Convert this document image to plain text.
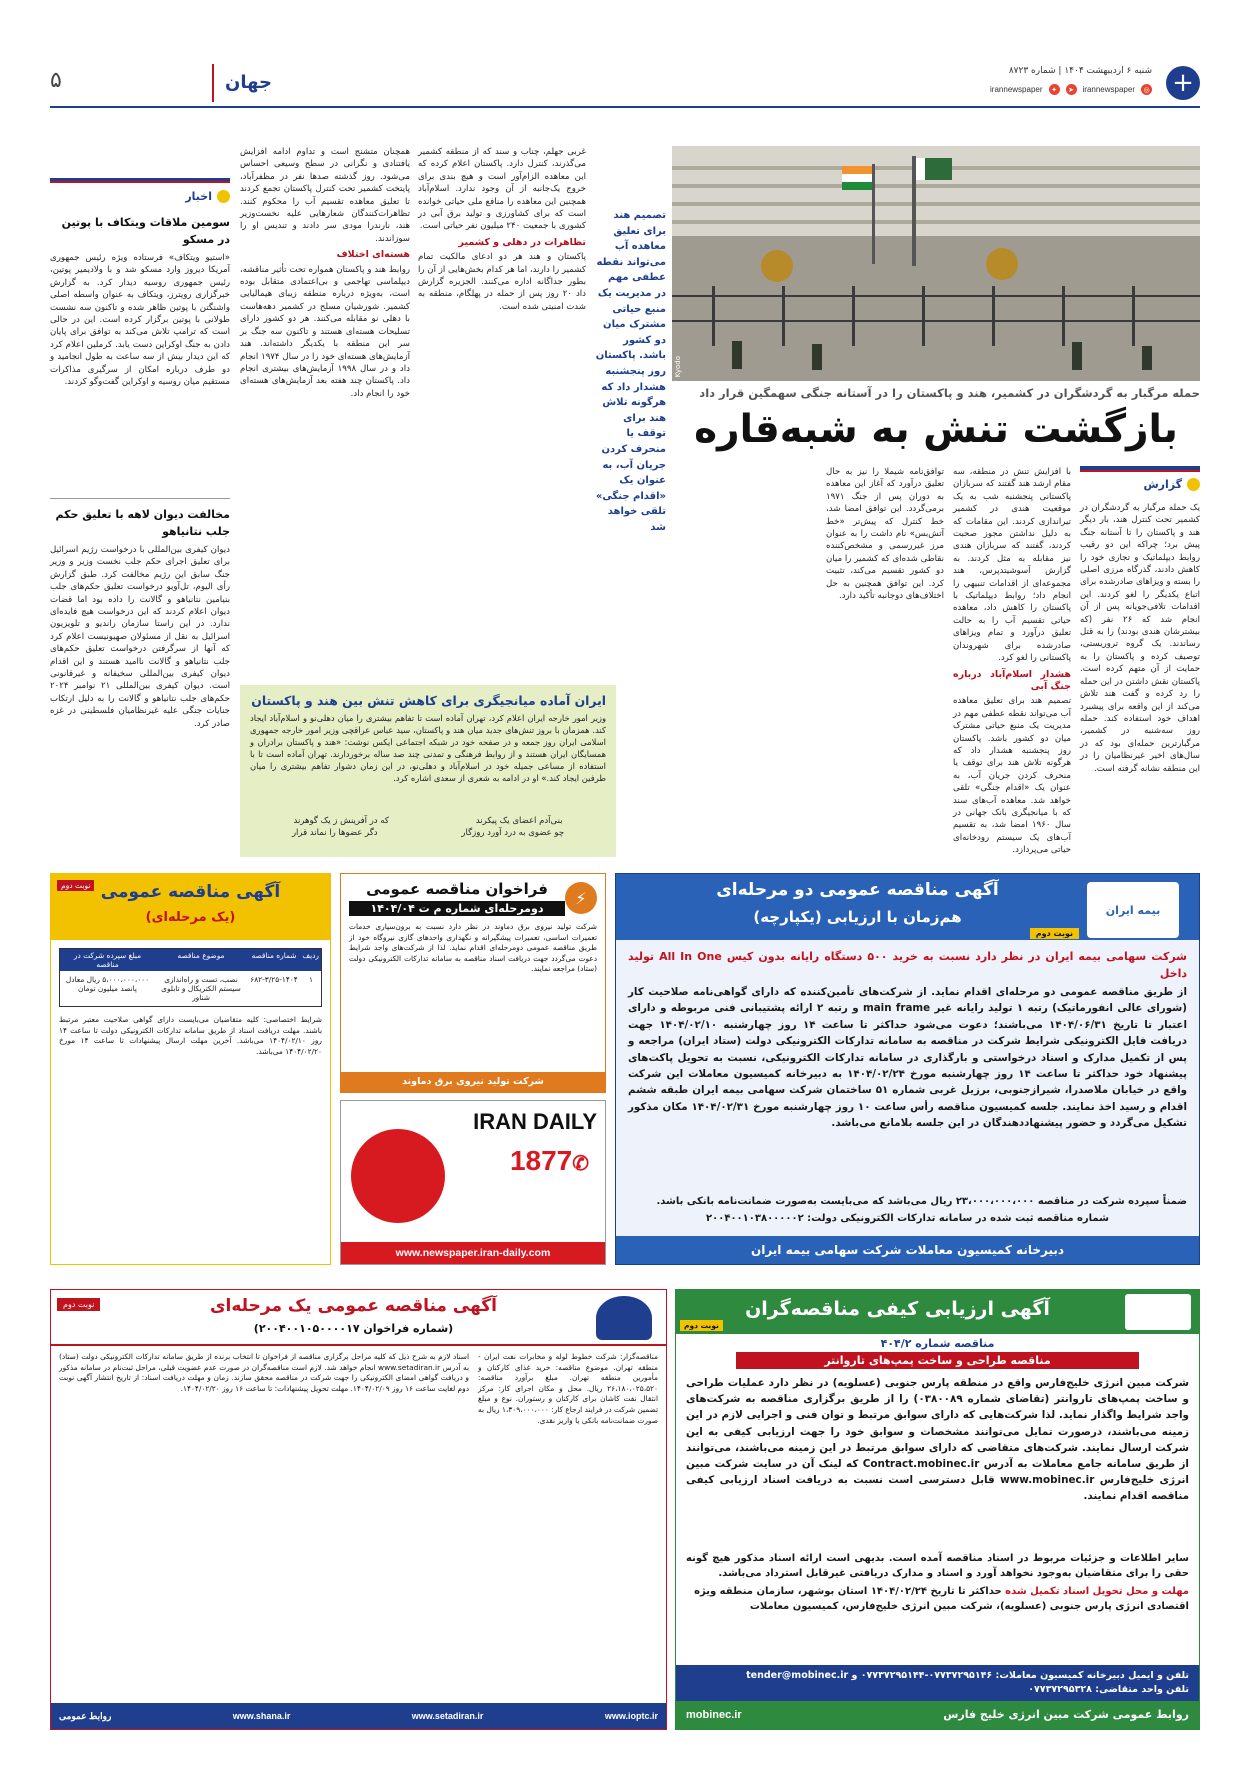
+
شنبه ۶ اردیبهشت ۱۴۰۴ | شماره ۸۷۲۳
◎
irannewspaper
➤
✦
irannewspaper
جهان
۵
Kyodo
تصمیم هند برای تعلیق معاهده آب می‌تواند نقطه عطفی مهم در مدیریت یک منبع حیاتی مشترک میان دو کشور باشد. پاکستان روز پنجشنبه هشدار داد که هرگونه تلاش هند برای توقف یا منحرف کردن جریان آب، به عنوان یک «اقدام جنگی» تلقی خواهد شد
حمله مرگبار به گردشگران در کشمیر، هند و پاکستان را در آستانه جنگی سهمگین قرار داد
بازگشت تنش به شبه‌قاره
گزارش
یک حمله مرگبار به گردشگران در کشمیر تحت کنترل هند، بار دیگر هند و پاکستان را تا آستانه جنگ پیش برد؛ چراکه این دو رقیب روابط دیپلماتیک و تجاری خود را کاهش دادند، گذرگاه مرزی اصلی را بسته و ویزاهای صادرشده برای اتباع یکدیگر را لغو کردند. این اقدامات تلافی‌جویانه پس از آن انجام شد که ۲۶ نفر (که بیشترشان هندی بودند) را به قتل رساندند. یک گروه تروریستی، توصیف کرده و پاکستان را به حمایت از آن متهم کرده است. پاکستان نقش داشتن در این حمله را رد کرده و گفت هند تلاش می‌کند از این واقعه برای پیشبرد اهداف خود استفاده کند. حمله روز سه‌شنبه در کشمیر، مرگبارترین حمله‌ای بود که در سال‌های اخیر غیرنظامیان را در این منطقه نشانه گرفته است.

با افزایش تنش در منطقه، سه مقام ارشد هند گفتند که سربازان پاکستانی پنجشنبه شب به یک موقعیت هندی در کشمیر تیراندازی کردند. این مقامات که به دلیل نداشتن مجوز صحبت کردند، گفتند که سربازان هندی نیز مقابله به مثل کردند. به گزارش آسوشیتدپرس، هند مجموعه‌ای از اقدامات تنبیهی را انجام داد؛ روابط دیپلماتیک با پاکستان را کاهش داد، معاهده حیاتی تقسیم آب را به حالت تعلیق درآورد و تمام ویزاهای صادرشده برای شهروندان پاکستانی را لغو کرد.

هشدار اسلام‌آباد درباره جنگ آبی

تصمیم هند برای تعلیق معاهده آب می‌تواند نقطه عطفی مهم در مدیریت یک منبع حیاتی مشترک میان دو کشور باشد. پاکستان روز پنجشنبه هشدار داد که هرگونه تلاش هند برای توقف یا منحرف کردن جریان آب، به عنوان یک «اقدام جنگی» تلقی خواهد شد. معاهده آب‌های سند که با میانجیگری بانک جهانی در سال ۱۹۶۰ امضا شد، به تقسیم آب‌های یک سیستم رودخانه‌ای حیاتی می‌پردازد.

توافق‌نامه شیملا را نیز به حال تعلیق درآورد که آغاز این معاهده به دوران پس از جنگ ۱۹۷۱ برمی‌گردد. این توافق امضا شد، خط کنترل که پیش‌تر «خط آتش‌بس» نام داشت را به عنوان مرز غیررسمی و مشخص‌کننده نقاطی شده‌ای که کشمیر را میان دو کشور تقسیم می‌کند، تثبیت کرد. این توافق همچنین به حل اختلاف‌های دوجانبه تأکید دارد.

غربی جهلم، چناب و سند که از منطقه کشمیر می‌گذرند، کنترل دارد. پاکستان اعلام کرده که این معاهده الزام‌آور است و هیچ بندی برای خروج یک‌جانبه از آن وجود ندارد. اسلام‌آباد همچنین این معاهده را منافع ملی حیاتی خوانده است که برای کشاورزی و تولید برق آبی در کشوری با جمعیت ۲۴۰ میلیون نفر حیاتی است.

تظاهرات در دهلی و کشمیر

پاکستان و هند هر دو ادعای مالکیت تمام کشمیر را دارند، اما هر کدام بخش‌هایی از آن را بطور جداگانه اداره می‌کنند. الجزیره گزارش داد ۲۰ روز پس از حمله در پهلگام، منطقه به شدت امنیتی شده است.

همچنان متشنج است و تداوم ادامه افزایش یافتنادی و نگرانی در سطح وسیعی احساس می‌شود. روز گذشته صدها نفر در مظفرآباد، پایتخت کشمیر تحت کنترل پاکستان تجمع کردند تا تعلیق معاهده تقسیم آب را محکوم کنند. تظاهرات‌کنندگان شعارهایی علیه نخست‌وزیر هند، نارندرا مودی سر دادند و تندیس او را سوزاندند.

هسته‌ای اختلاف

روابط هند و پاکستان همواره تحت تأثیر مناقشه، دیپلماسی تهاجمی و بی‌اعتمادی متقابل بوده است، به‌ویژه درباره منطقه زیبای هیمالیایی کشمیر. شورشیان مسلح در کشمیر دهه‌هاست با دهلی نو مقابله می‌کنند. هر دو کشور دارای تسلیحات هسته‌ای هستند و تاکنون سه جنگ بر سر این منطقه با یکدیگر داشته‌اند. هند آزمایش‌های هسته‌ای خود را در سال ۱۹۷۴ انجام داد و در سال ۱۹۹۸ آزمایش‌های بیشتری انجام داد. پاکستان چند هفته بعد آزمایش‌های هسته‌ای خود را انجام داد.

ایران آماده میانجیگری برای کاهش تنش بین هند و پاکستان
وزیر امور خارجه ایران اعلام کرد، تهران آماده است تا تفاهم بیشتری را میان دهلی‌نو و اسلام‌آباد ایجاد کند. همزمان با بروز تنش‌های جدید میان هند و پاکستان، سید عباس عراقچی وزیر امور خارجه جمهوری اسلامی ایران روز جمعه و در صفحه خود در شبکه اجتماعی ایکس نوشت: «هند و پاکستان برادران و همسایگان ایران هستند و از روابط فرهنگی و تمدنی چند صد ساله برخوردارند. تهران آماده است تا با استفاده از مساعی جمیله خود در اسلام‌آباد و دهلی‌نو، در این زمان دشوار تفاهم بیشتری را میان طرفین ایجاد کند.» او در ادامه به شعری از سعدی اشاره کرد.
بنی‌آدم اعضای یک پیکرند
که در آفرینش ز یک گوهرند
چو عضوی به درد آورد روزگار
دگر عضوها را نماند قرار
اخبار
سومین ملاقات ویتکاف با پوتین در مسکو
«استیو ویتکاف» فرستاده ویژه رئیس جمهوری آمریکا دیروز وارد مسکو شد و با ولادیمیر پوتین، رئیس جمهوری روسیه دیدار کرد. به گزارش خبرگزاری رویترز، ویتکاف به عنوان واسطه اصلی واشنگتن با پوتین ظاهر شده و تاکنون سه نشست طولانی با پوتین برگزار کرده است. این در حالی است که ترامپ تلاش می‌کند به توافق برای پایان دادن به جنگ اوکراین دست یابد. کرملین اعلام کرد که این دیدار بیش از سه ساعت به طول انجامید و دو طرف درباره امکان از سرگیری مذاکرات مستقیم میان روسیه و اوکراین گفت‌وگو کردند.
مخالفت دیوان لاهه با تعلیق حکم جلب نتانیاهو
دیوان کیفری بین‌المللی با درخواست رژیم اسرائیل برای تعلیق اجرای حکم جلب نخست وزیر و وزیر جنگ سابق این رژیم مخالفت کرد. طبق گزارش رأی الیوم، تل‌آویو درخواست تعلیق حکم‌های جلب بنیامین نتانیاهو و گالانت را داده بود اما قضات دیوان اعلام کردند که این درخواست هیچ فایده‌ای ندارد. در این راستا سازمان راندیو و تلویزیون اسرائیل به نقل از مسئولان صهیونیست اعلام کرد که آنها از سرگرفتن درخواست تعلیق حکم‌های جلب نتانیاهو و گالانت ناامید هستند و این اقدام دیوان کیفری بین‌المللی سخیفانه و غیرقانونی است. دیوان کیفری بین‌المللی ۲۱ نوامبر ۲۰۲۴ حکم‌های جلب نتانیاهو و گالانت را به دلیل ارتکاب جنایات جنگی علیه غیرنظامیان فلسطینی در غزه صادر کرد.
آگهی مناقصه عمومی دو مرحله‌ای
هم‌زمان با ارزیابی (یکپارچه)	بیمه ایران
نوبت دوم
شرکت سهامی بیمه ایران در نظر دارد نسبت به خرید ۵۰۰ دستگاه رایانه بدون کیس All In One تولید داخل
از طریق مناقصه عمومی دو مرحله‌ای اقدام نماید. از شرکت‌های تأمین‌کننده که دارای گواهی‌نامه صلاحیت کار (شورای عالی انفورماتیک) رتبه ۱ تولید رایانه غیر main frame و رتبه ۲ ارائه پشتیبانی فنی مربوطه و دارای اعتبار تا تاریخ ۱۴۰۴/۰۶/۳۱ می‌باشند؛ دعوت می‌شود حداکثر تا ساعت ۱۴ روز چهارشنبه ۱۴۰۴/۰۲/۱۰ جهت دریافت فایل الکترونیکی شرایط شرکت در مناقصه به سامانه تدارکات الکترونیکی دولت (ستاد ایران) مراجعه و پس از تکمیل مدارک و اسناد درخواستی و بارگذاری در سامانه تدارکات الکترونیکی، نسبت به تحویل پاکت‌های پیشنهاد خود حداکثر تا ساعت ۱۴ روز چهارشنبه مورخ ۱۴۰۴/۰۲/۲۴ به دبیرخانه کمیسیون معاملات این شرکت واقع در خیابان ملاصدرا، شیرازجنوبی، برزیل غربی شماره ۵۱ ساختمان شرکت سهامی بیمه ایران طبقه ششم اقدام و رسید اخذ نمایند. جلسه کمیسیون مناقصه رأس ساعت ۱۰ روز چهارشنبه مورخ ۱۴۰۴/۰۲/۳۱ مکان مذکور تشکیل می‌گردد و حضور پیشنهاددهندگان در این جلسه بلامانع می‌باشد.
ضمناً سپرده شرکت در مناقصه ۲۳،۰۰۰،۰۰۰،۰۰۰ ریال می‌باشد که می‌بایست به‌صورت ضمانت‌نامه بانکی باشد.
شماره مناقصه ثبت شده در سامانه تدارکات الکترونیکی دولت: ۲۰۰۴۰۰۱۰۳۸۰۰۰۰۰۲
دبیرخانه کمیسیون معاملات شرکت سهامی بیمه ایران
⚡
فراخوان مناقصه عمومی
دومرحله‌ای شماره م ت ۱۴۰۴/۰۴
شرکت تولید نیروی برق دماوند در نظر دارد نسبت به برون‌سپاری خدمات تعمیرات اساسی، تعمیرات پیشگیرانه و نگهداری واحدهای گازی نیروگاه خود از طریق مناقصه عمومی دومرحله‌ای اقدام نماید. لذا از شرکت‌های واجد شرایط دعوت می‌گردد جهت دریافت اسناد مناقصه به سامانه تدارکات الکترونیکی دولت (ستاد) مراجعه نمایند.
شرکت تولید نیروی برق دماوند
آگهی مناقصه عمومی
(یک مرحله‌ای)
نوبت دوم
ردیف
شماره مناقصه
موضوع مناقصه
مبلغ سپرده شرکت در مناقصه
۱
۶۸۲-۳/۲۵-۱۴۰۴
نصب، تست و راه‌اندازی سیستم الکتریکال و تابلوی شناور
۵،۰۰۰،۰۰۰،۰۰۰ ریال معادل پانصد میلیون تومان
شرایط اختصاصی: کلیه متقاضیان می‌بایست دارای گواهی صلاحیت معتبر مرتبط باشند. مهلت دریافت اسناد از طریق سامانه تدارکات الکترونیکی دولت تا ساعت ۱۴ روز ۱۴۰۴/۰۲/۱۰ می‌باشد. آخرین مهلت ارسال پیشنهادات تا ساعت ۱۴ مورخ ۱۴۰۴/۰۲/۲۰ می‌باشد.
IRAN DAILY
✆1877
www.newspaper.iran-daily.com
آگهی ارزیابی کیفی مناقصه‌گران
نوبت دوم
مناقصه شماره ۴۰۴/۲
مناقصه طراحی و ساخت پمپ‌های تاروانتر
شرکت مبین انرژی خلیج‌فارس واقع در منطقه پارس جنوبی (عسلویه) در نظر دارد عملیات طراحی و ساخت پمپ‌های تاروانتر (تقاضای شماره ۰۳۸۰۰۸۹) را از طریق برگزاری مناقصه به شرکت‌های واجد شرایط واگذار نماید. لذا شرکت‌هایی که دارای سوابق مرتبط و توان فنی و اجرایی لازم در این زمینه می‌باشند، درصورت تمایل می‌توانند مشخصات و سوابق خود را جهت ارزیابی کیفی به این شرکت ارسال نمایند. شرکت‌های متقاضی که دارای سوابق مرتبط در این زمینه می‌باشند، می‌توانند از طریق سامانه جامع معاملات به آدرس Contract.mobinec.ir که لینک آن در سایت شرکت مبین انرژی خلیج‌فارس www.mobinec.ir قابل دسترسی است نسبت به دریافت اسناد ارزیابی کیفی مناقصه اقدام نمایند.
سایر اطلاعات و جزئیات مربوط در اسناد مناقصه آمده است. بدیهی است ارائه اسناد مذکور هیچ گونه حقی را برای متقاضیان به‌وجود نخواهد آورد و اسناد و مدارک دریافتی غیرقابل استرداد می‌باشد.
مهلت و محل تحویل اسناد تکمیل شده حداکثر تا تاریخ ۱۴۰۴/۰۲/۲۴ استان بوشهر، سازمان منطقه ویژه اقتصادی انرژی پارس جنوبی (عسلویه)، شرکت مبین انرژی خلیج‌فارس، کمیسیون معاملات
تلفن و ایمیل دبیرخانه کمیسیون معاملات: ۰۷۷۳۷۲۹۵۱۴۶-۰۷۷۳۷۲۹۵۱۴۴ و tender@mobinec.ir
تلفن واحد متقاضی: ۰۷۷۳۷۲۹۵۳۲۸
روابط عمومی شرکت مبین انرژی خلیج فارس
mobinec.ir
آگهی مناقصه عمومی یک مرحله‌ای
(شماره فراخوان ۲۰۰۴۰۰۱۰۵۰۰۰۰۱۷)
نوبت دوم
مناقصه‌گزار: شرکت خطوط لوله و مخابرات نفت ایران - منطقه تهران. موضوع مناقصه: خرید غذای کارکنان و مأمورین منطقه تهران. مبلغ برآورد مناقصه: ۲۶،۱۸۰،۰۲۵،۵۲۰ ریال. محل و مکان اجرای کار: مرکز انتقال نفت کاشان برای کارکنان و رستوران. نوع و مبلغ تضمین شرکت در فرایند ارجاع کار: ۱،۳۰۹،۰۰۰،۰۰۰ ریال به صورت ضمانت‌نامه بانکی یا واریز نقدی.
اسناد لازم به شرح ذیل که کلیه مراحل برگزاری مناقصه از فراخوان تا انتخاب برنده از طریق سامانه تدارکات الکترونیکی دولت (ستاد) به آدرس www.setadiran.ir انجام خواهد شد. لازم است مناقصه‌گران در صورت عدم عضویت قبلی، مراحل ثبت‌نام در سامانه مذکور و دریافت گواهی امضای الکترونیکی را جهت شرکت در مناقصه محقق سازند. زمان و مهلت دریافت اسناد: از تاریخ انتشار آگهی نوبت دوم لغایت ساعت ۱۶ روز ۱۴۰۴/۰۲/۰۹. مهلت تحویل پیشنهادات: تا ساعت ۱۶ روز ۱۴۰۴/۰۲/۲۰.
www.ioptc.ir
www.setadiran.ir
www.shana.ir
روابط عمومی
